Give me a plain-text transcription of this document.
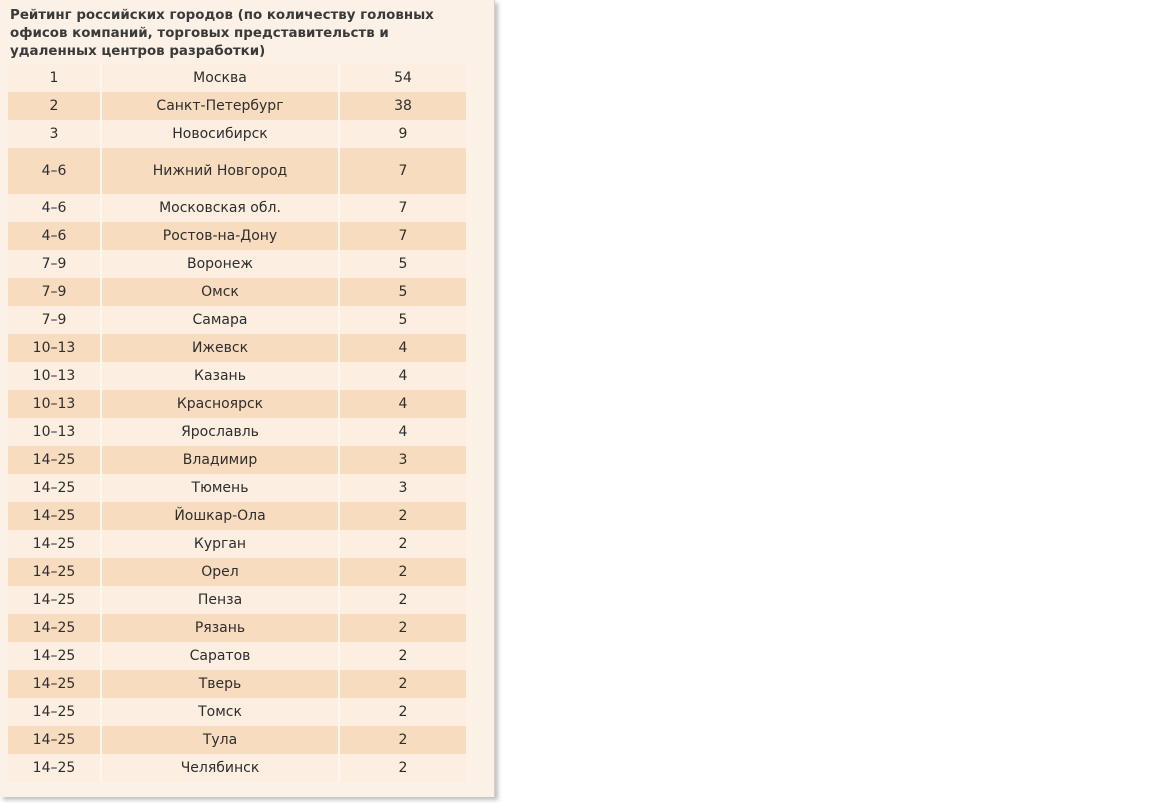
Рейтинг российских городов (по количеству головных офисов компаний, торговых представительств и удаленных центров разработки)
1	Москва	54
2	Санкт-Петербург	38
3	Новосибирск	9
4–6	Нижний Новгород	7
4–6	Московская обл.	7
4–6	Ростов-на-Дону	7
7–9	Воронеж	5
7–9	Омск	5
7–9	Самара	5
10–13	Ижевск	4
10–13	Казань	4
10–13	Красноярск	4
10–13	Ярославль	4
14–25	Владимир	3
14–25	Тюмень	3
14–25	Йошкар-Ола	2
14–25	Курган	2
14–25	Орел	2
14–25	Пенза	2
14–25	Рязань	2
14–25	Саратов	2
14–25	Тверь	2
14–25	Томск	2
14–25	Тула	2
14–25	Челябинск	2
